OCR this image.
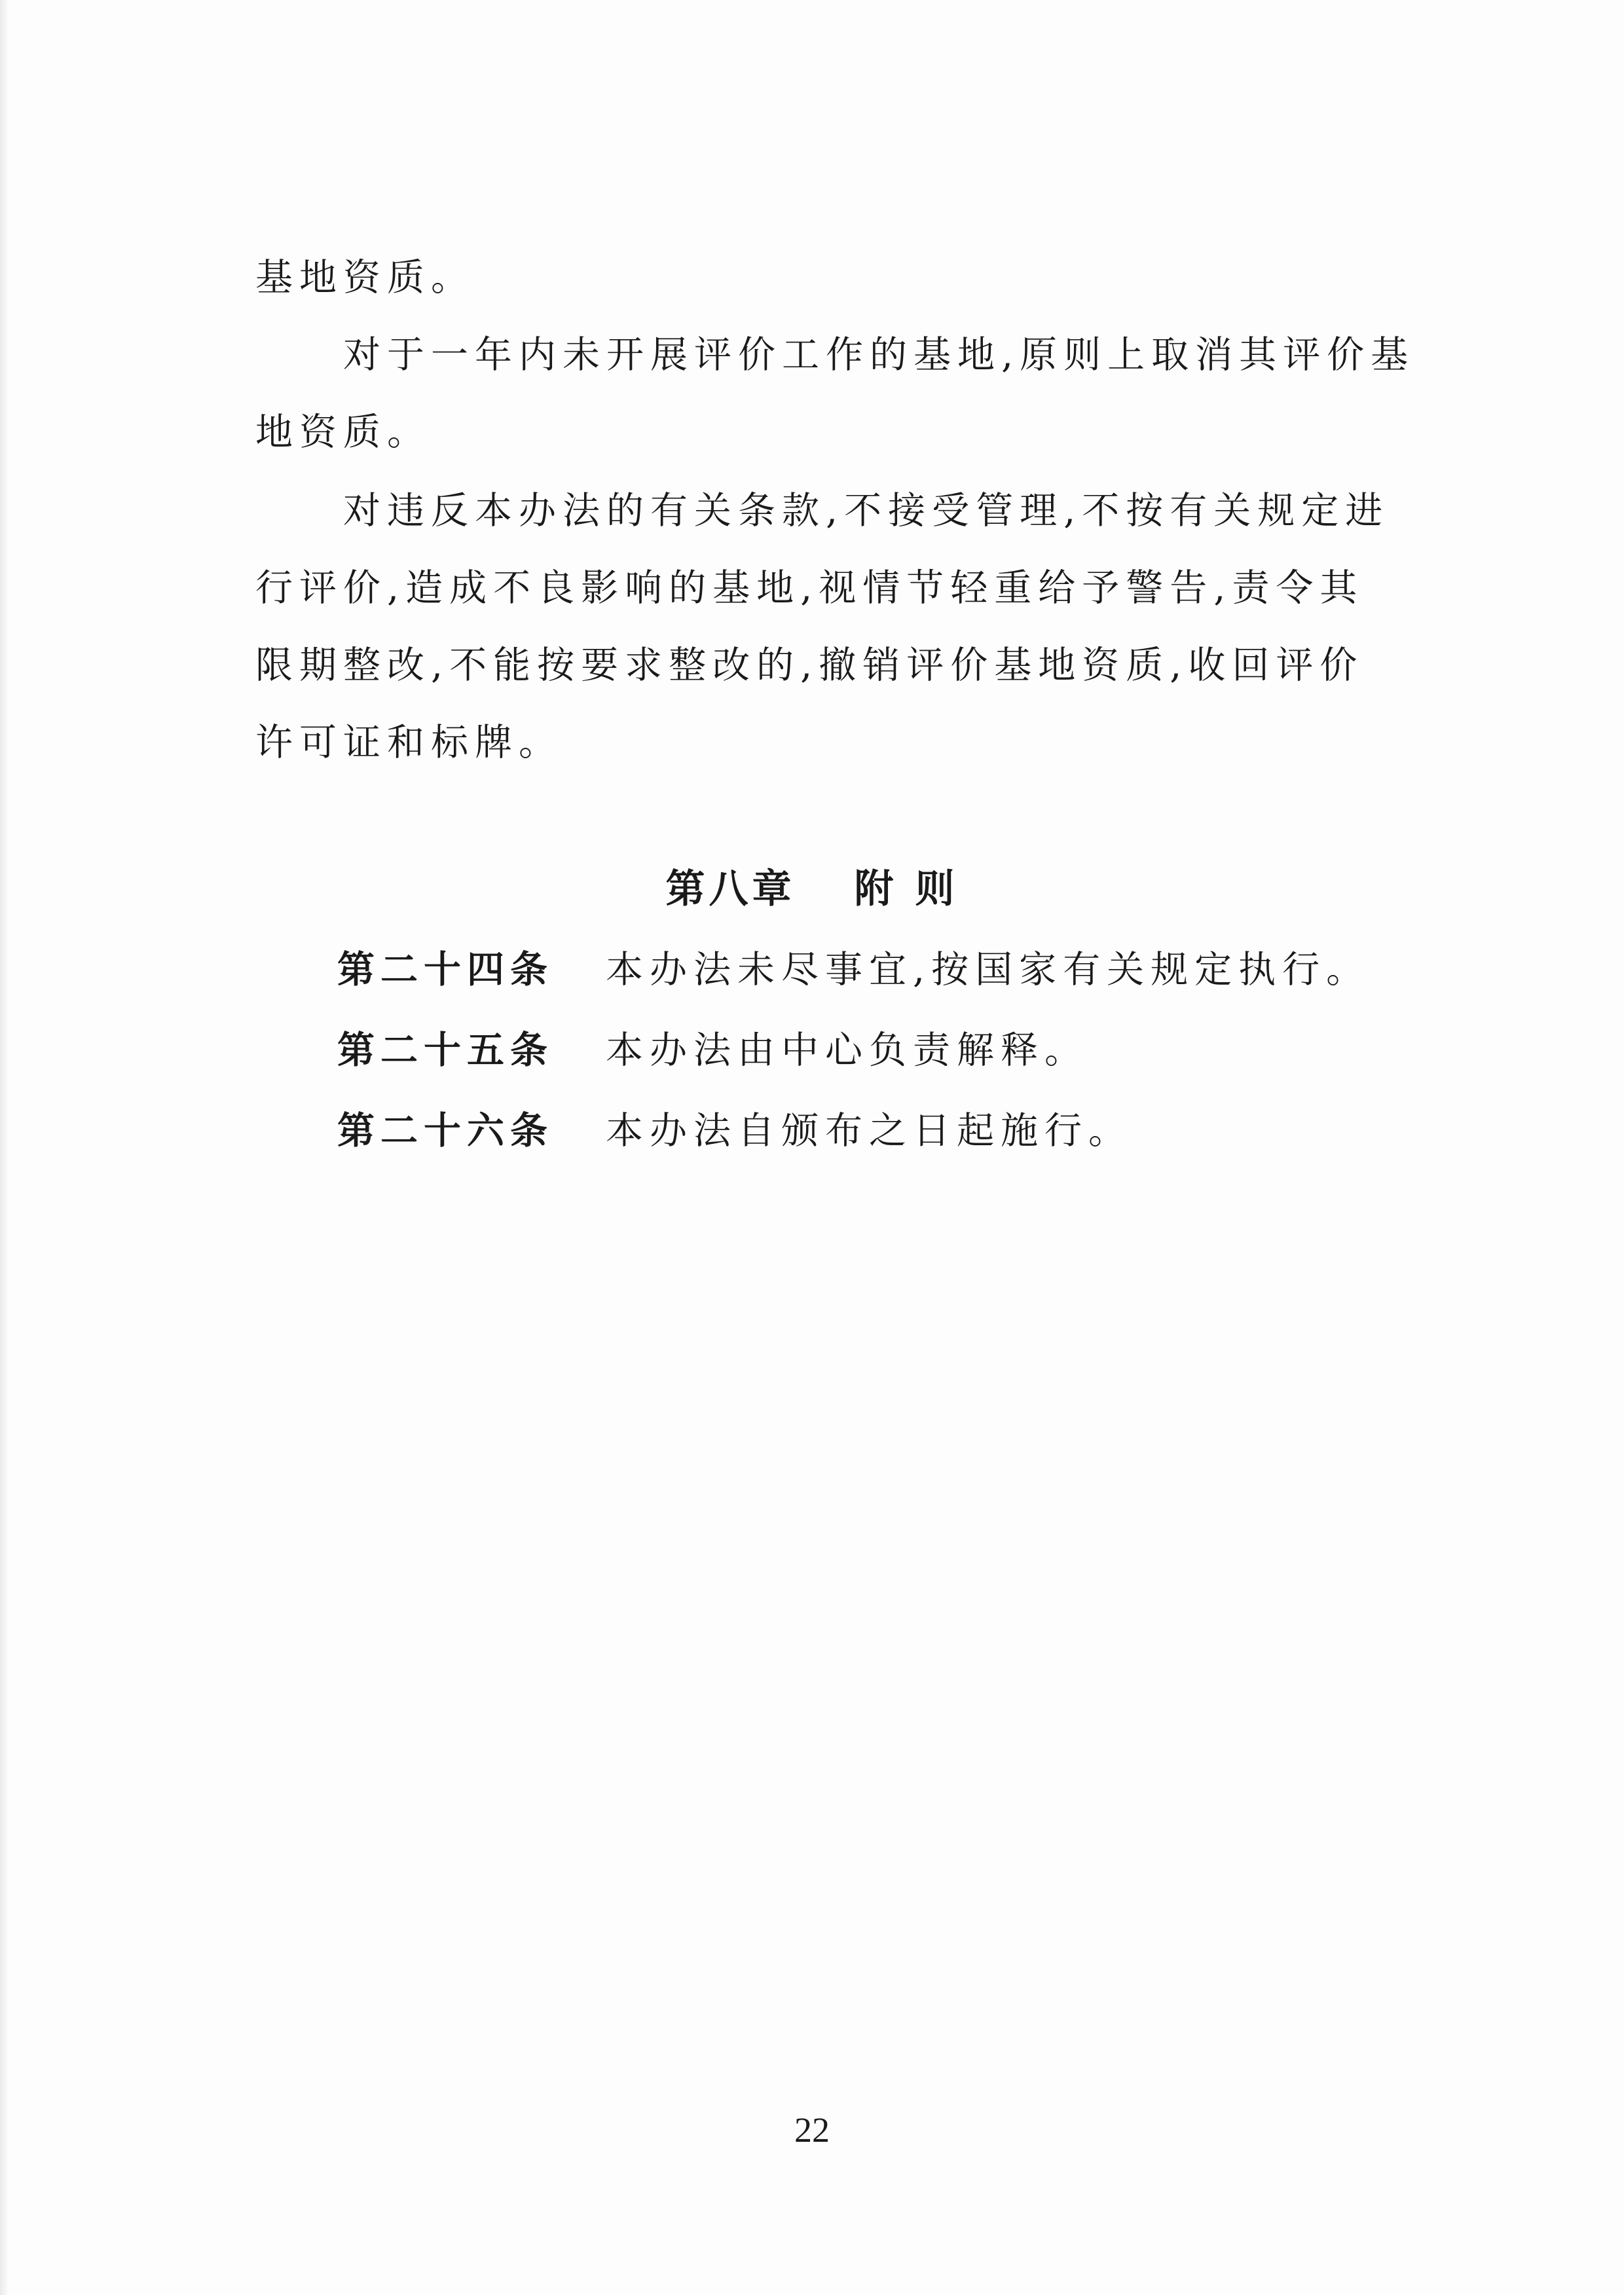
基地资质。
对于一年内未开展评价工作的基地,原则上取消其评价基
地资质。
对违反本办法的有关条款,不接受管理,不按有关规定进
行评价,造成不良影响的基地,视情节轻重给予警告,责令其
限期整改,不能按要求整改的,撤销评价基地资质,收回评价
许可证和标牌。
第八章 附 则
第二十四条 本办法未尽事宜,按国家有关规定执行。
第二十五条 本办法由中心负责解释。
第二十六条 本办法自颁布之日起施行。
22
